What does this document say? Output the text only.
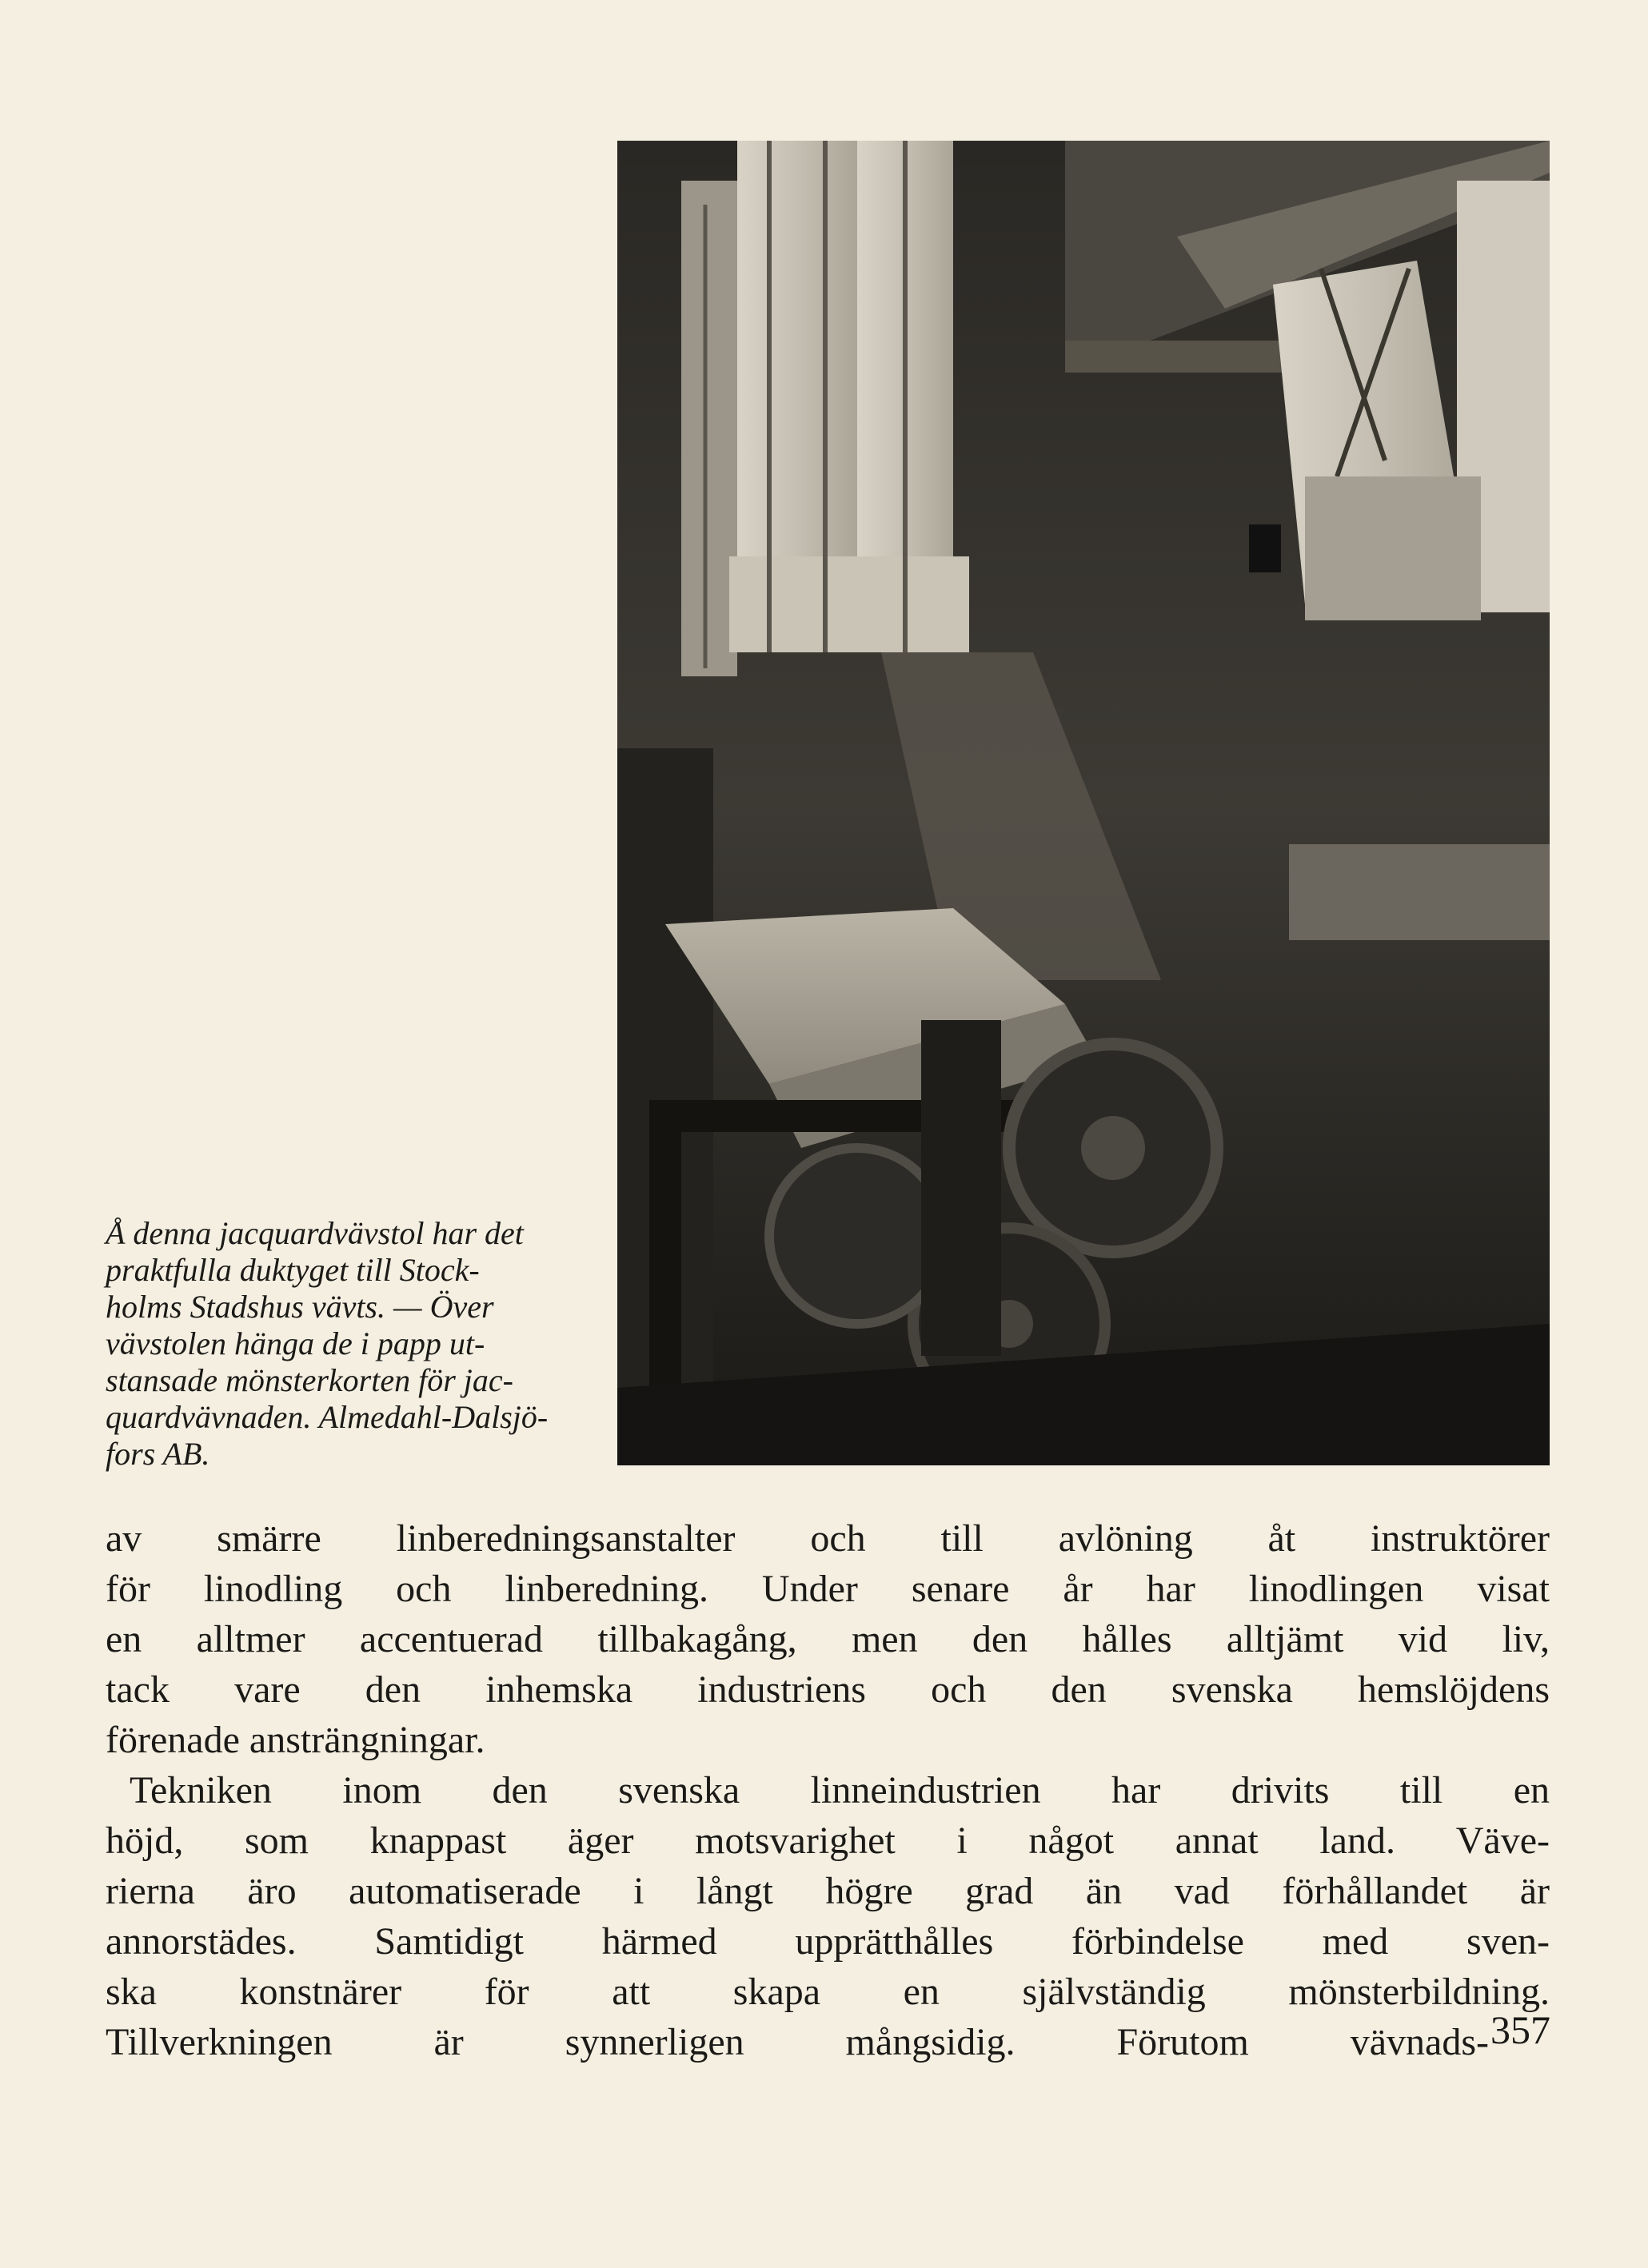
Å denna jacquardvävstol har det

praktfulla duktyget till Stock-

holms Stadshus vävts. — Över

vävstolen hänga de i papp ut-

stansade mönsterkorten för jac-

quardvävnaden. Almedahl-Dalsjö-

fors AB.

av smärre linberedningsanstalter och till avlöning åt instruktörer

för linodling och linberedning. Under senare år har linodlingen visat

en alltmer accentuerad tillbakagång, men den hålles alltjämt vid liv,

tack vare den inhemska industriens och den svenska hemslöjdens

förenade ansträngningar.

Tekniken inom den svenska linneindustrien har drivits till en

höjd, som knappast äger motsvarighet i något annat land. Väve-

rierna äro automatiserade i långt högre grad än vad förhållandet är

annorstädes. Samtidigt härmed upprätthålles förbindelse med sven-

ska konstnärer för att skapa en självständig mönsterbildning.

Tillverkningen är synnerligen mångsidig. Förutom vävnads- 357
